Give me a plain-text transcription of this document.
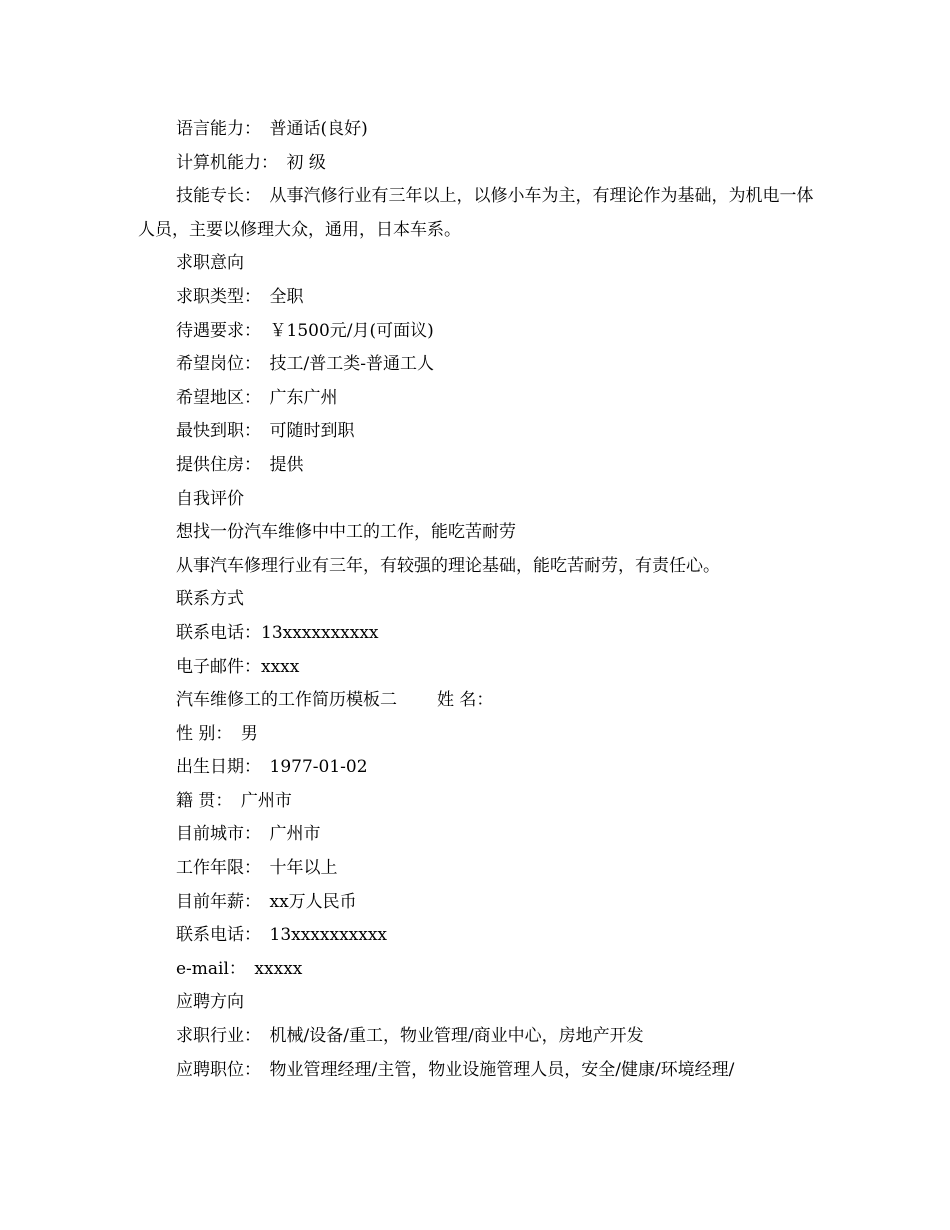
语言能力：　普通话(良好)
计算机能力：　初 级
技能专长：　从事汽修行业有三年以上，以修小车为主，有理论作为基础，为机电一体人员，主要以修理大众，通用，日本车系。
求职意向
求职类型：　全职
待遇要求：　￥1500元/月(可面议)
希望岗位：　技工/普工类-普通工人
希望地区：　广东广州
最快到职：　可随时到职
提供住房：　提供
自我评价
想找一份汽车维修中中工的工作，能吃苦耐劳
从事汽车修理行业有三年，有较强的理论基础，能吃苦耐劳，有责任心。
联系方式
联系电话：13xxxxxxxxxx
电子邮件：xxxx
汽车维修工的工作简历模板二 姓 名：
性 别：　男
出生日期：　1977-01-02
籍 贯：　广州市
目前城市：　广州市
工作年限：　十年以上
目前年薪：　xx万人民币
联系电话：　13xxxxxxxxxx
e-mail：　xxxxx
应聘方向
求职行业：　机械/设备/重工，物业管理/商业中心，房地产开发
应聘职位：　物业管理经理/主管，物业设施管理人员，安全/健康/环境经理/
